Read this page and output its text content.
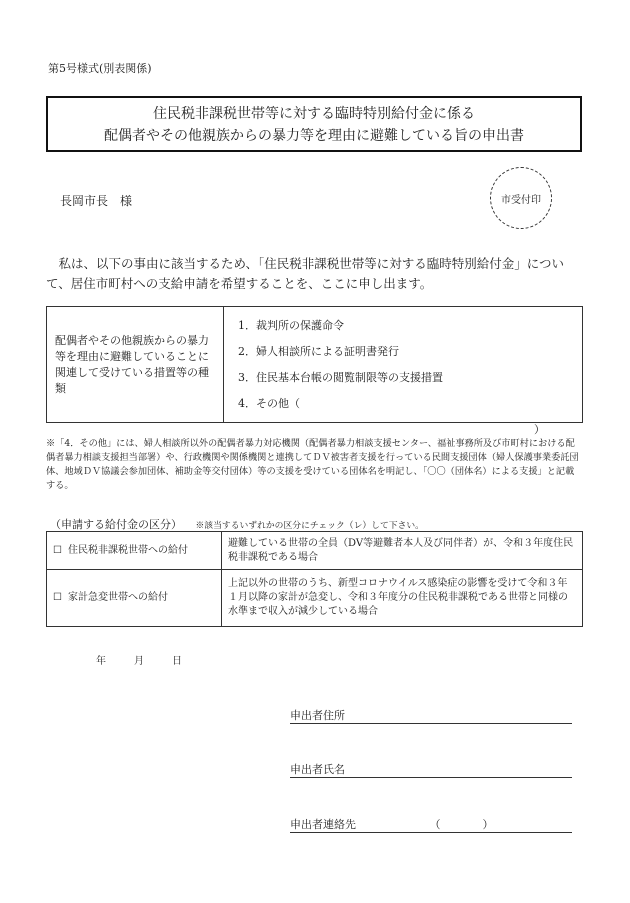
第5号様式(別表関係)
住民税非課税世帯等に対する臨時特別給付金に係る
配偶者やその他親族からの暴力等を理由に避難している旨の申出書
長岡市長　様	市受付印
私は、以下の事由に該当するため、「住民税非課税世帯等に対する臨時特別給付金」について、居住市町村への支給申請を希望することを、ここに申し出ます。
配偶者やその他親族からの暴力等を理由に避難していることに関連して受けている措置等の種類	
1．裁判所の保護命令
2．婦人相談所による証明書発行
3．住民基本台帳の閲覧制限等の支援措置
4．その他（）
※「4．その他」には、婦人相談所以外の配偶者暴力対応機関（配偶者暴力相談支援センター、福祉事務所及び市町村における配偶者暴力相談支援担当部署）や、行政機関や関係機関と連携してＤＶ被害者支援を行っている民間支援団体（婦人保護事業委託団体、地域ＤＶ協議会参加団体、補助金等交付団体）等の支援を受けている団体名を明記し、「〇〇（団体名）による支援」と記載する。
（申請する給付金の区分） ※該当するいずれかの区分にチェック（レ）して下さい。
☐ 住民税非課税世帯への給付	避難している世帯の全員（DV等避難者本人及び同伴者）が、令和３年度住民税非課税である場合
☐ 家計急変世帯への給付	上記以外の世帯のうち、新型コロナウイルス感染症の影響を受けて令和３年１月以降の家計が急変し、令和３年度分の住民税非課税である世帯と同様の水準まで収入が減少している場合
年	月	日
申出者住所
申出者氏名
申出者連絡先	（	）
